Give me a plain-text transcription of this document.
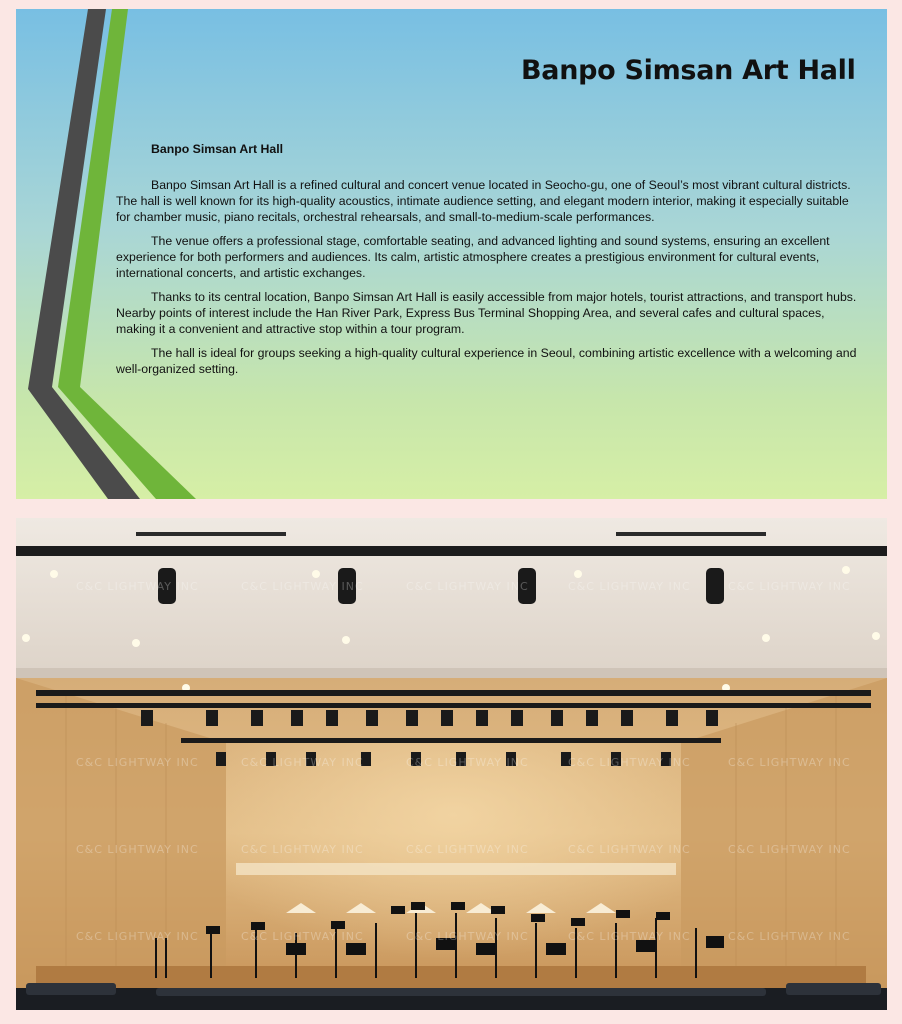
Banpo Simsan Art Hall
Banpo Simsan Art Hall

Banpo Simsan Art Hall is a refined cultural and concert venue located in Seocho-gu, one of Seoul’s most vibrant cultural districts. The hall is well known for its high-quality acoustics, intimate audience setting, and elegant modern interior, making it especially suitable for chamber music, piano recitals, orchestral rehearsals, and small-to-medium-scale performances.

The venue offers a professional stage, comfortable seating, and advanced lighting and sound systems, ensuring an excellent experience for both performers and audiences. Its calm, artistic atmosphere creates a prestigious environment for cultural events, international concerts, and artistic exchanges.

Thanks to its central location, Banpo Simsan Art Hall is easily accessible from major hotels, tourist attractions, and transport hubs. Nearby points of interest include the Han River Park, Express Bus Terminal Shopping Area, and several cafes and cultural spaces, making it a convenient and attractive stop within a tour program.

The hall is ideal for groups seeking a high-quality cultural experience in Seoul, combining artistic excellence with a welcoming and well-organized setting.

C&C LIGHTWAY INC	C&C LIGHTWAY INC	C&C LIGHTWAY INC	C&C LIGHTWAY INC	C&C LIGHTWAY INC
C&C LIGHTWAY INC	C&C LIGHTWAY INC	C&C LIGHTWAY INC	C&C LIGHTWAY INC	C&C LIGHTWAY INC
C&C LIGHTWAY INC	C&C LIGHTWAY INC	C&C LIGHTWAY INC	C&C LIGHTWAY INC	C&C LIGHTWAY INC
C&C LIGHTWAY INC	C&C LIGHTWAY INC	C&C LIGHTWAY INC	C&C LIGHTWAY INC	C&C LIGHTWAY INC
